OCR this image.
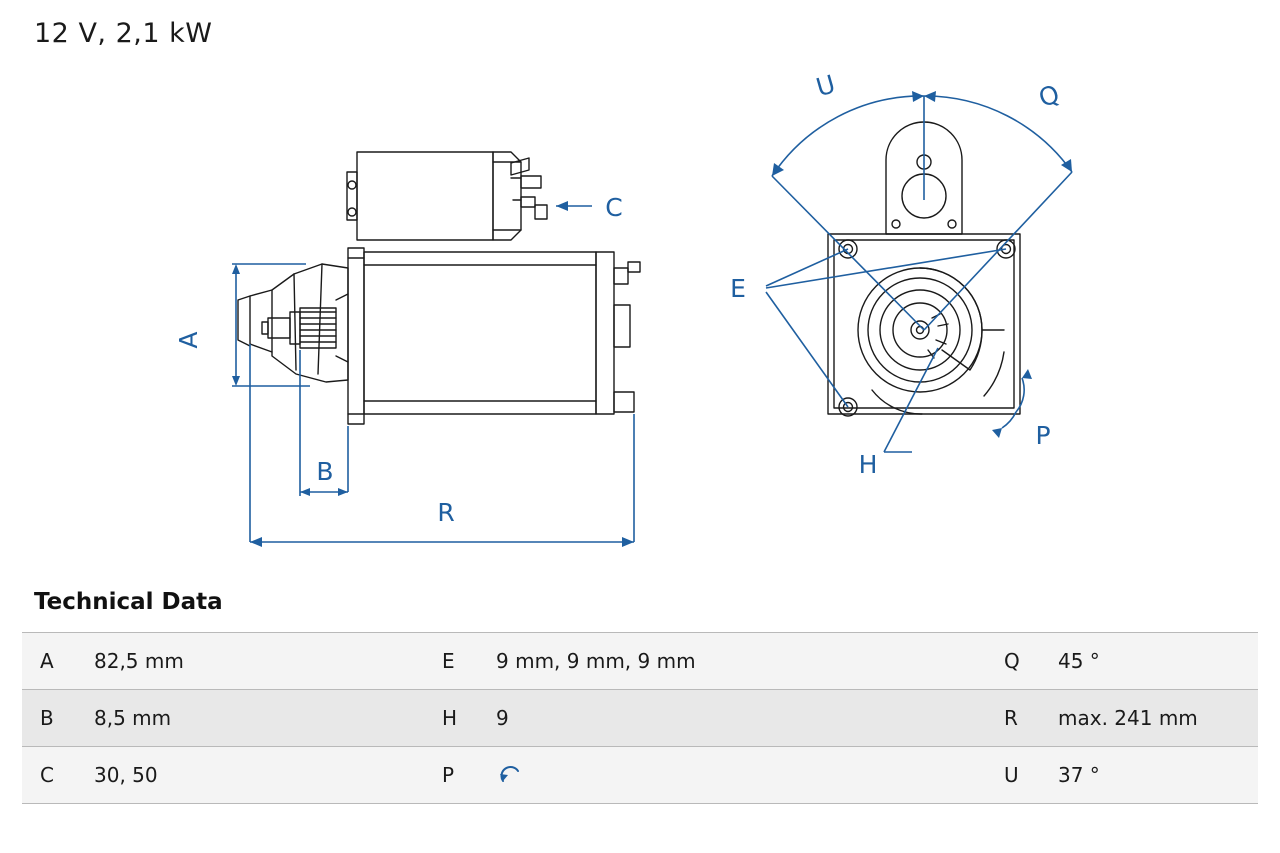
12 V, 2,1 kW
A
B
C
R
U	Q
E
H
P
Technical Data
A	82,5 mm	E	9 mm, 9 mm, 9 mm	Q	45 °
B	8,5 mm	H	9	R	max. 241 mm
C	30, 50	P		U	37 °
